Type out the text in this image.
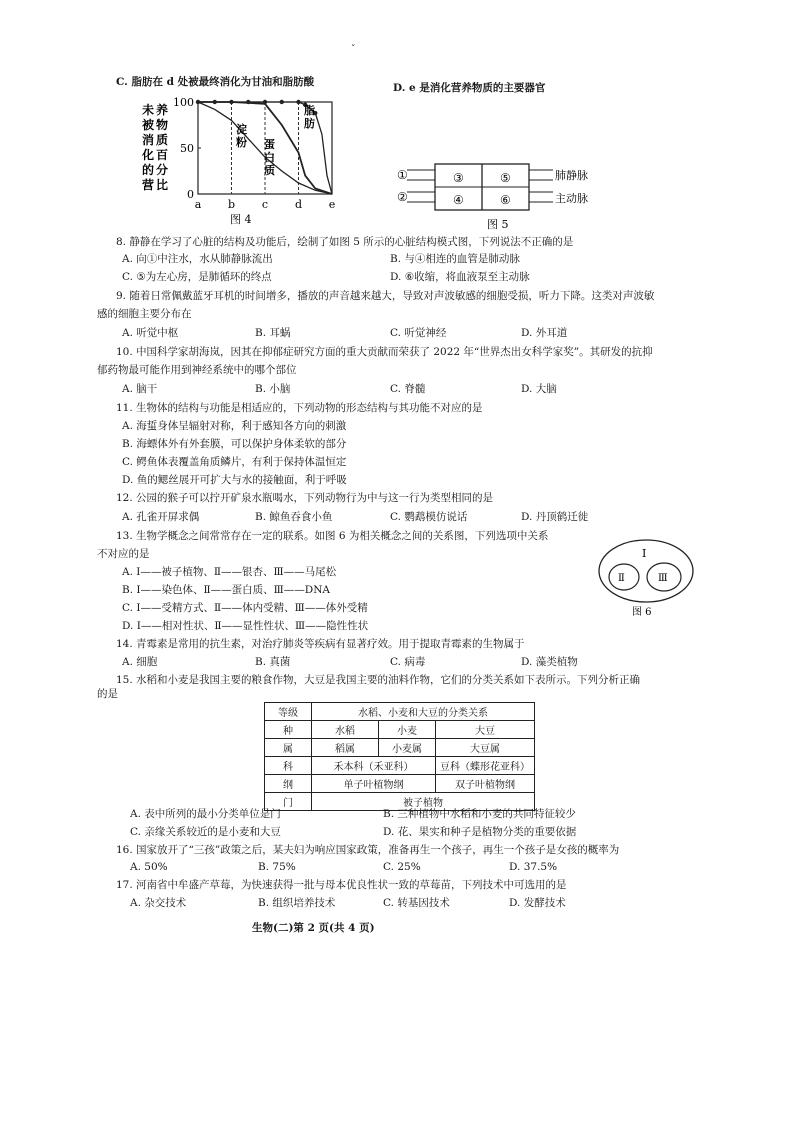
ˇ
C. 脂肪在 d 处被最终消化为甘油和脂肪酸	D. e 是消化营养物质的主要器官
未 养
被 物
消 质
化 百
的 分
营 比
100
50
0
a b c d e
淀
粉 蛋
白
质
脂
肪
图 4
①
②
③
④
⑤
⑥
肺静脉
主动脉
图 5
8. 静静在学习了心脏的结构及功能后，绘制了如图 5 所示的心脏结构模式图，下列说法不正确的是
A. 向①中注水，水从肺静脉流出	B. 与④相连的血管是肺动脉
C. ⑤为左心房，是肺循环的终点	D. ⑥收缩，将血液泵至主动脉
9. 随着日常佩戴蓝牙耳机的时间增多，播放的声音越来越大，导致对声波敏感的细胞受损，听力下降。这类对声波敏
感的细胞主要分布在
A. 听觉中枢	B. 耳蜗	C. 听觉神经	D. 外耳道
10. 中国科学家胡海岚，因其在抑郁症研究方面的重大贡献而荣获了 2022 年“世界杰出女科学家奖”。其研发的抗抑
郁药物最可能作用到神经系统中的哪个部位
A. 脑干	B. 小脑	C. 脊髓	D. 大脑
11. 生物体的结构与功能是相适应的，下列动物的形态结构与其功能不对应的是
A. 海蜇身体呈辐射对称，利于感知各方向的刺激
B. 海螵体外有外套膜，可以保护身体柔软的部分
C. 鳄鱼体表覆盖角质鳞片，有利于保持体温恒定
D. 鱼的鳃丝展开可扩大与水的接触面，利于呼吸
12. 公园的猴子可以拧开矿泉水瓶喝水，下列动物行为中与这一行为类型相同的是
A. 孔雀开屏求偶	B. 鲸鱼吞食小鱼	C. 鹦鹉模仿说话	D. 丹顶鹤迁徙
13. 生物学概念之间常常存在一定的联系。如图 6 为相关概念之间的关系图，下列选项中关系
不对应的是
A. Ⅰ——被子植物、Ⅱ——银杏、Ⅲ——马尾松
B. Ⅰ——染色体、Ⅱ——蛋白质、Ⅲ——DNA
C. Ⅰ——受精方式、Ⅱ——体内受精、Ⅲ——体外受精
D. Ⅰ——相对性状、Ⅱ——显性性状、Ⅲ——隐性性状
Ⅰ
Ⅱ	Ⅲ
图 6
14. 青霉素是常用的抗生素，对治疗肺炎等疾病有显著疗效。用于提取青霉素的生物属于
A. 细胞	B. 真菌	C. 病毒	D. 藻类植物
15. 水稻和小麦是我国主要的粮食作物，大豆是我国主要的油料作物，它们的分类关系如下表所示。下列分析正确
的是
等级	水稻、小麦和大豆的分类关系		
种	水稻	小麦	大豆
属	稻属	小麦属	大豆属
科	禾本科（禾亚科）		豆科（蝶形花亚科）
纲	单子叶植物纲		双子叶植物纲
门	被子植物		
A. 表中所列的最小分类单位是门	B. 三种植物中水稻和小麦的共同特征较少
C. 亲缘关系较近的是小麦和大豆	D. 花、果实和种子是植物分类的重要依据
16. 国家放开了“三孩”政策之后，某夫妇为响应国家政策，准备再生一个孩子，再生一个孩子是女孩的概率为
A. 50%	B. 75%	C. 25%	D. 37.5%
17. 河南省中牟盛产草莓，为快速获得一批与母本优良性状一致的草莓苗，下列技术中可选用的是
A. 杂交技术	B. 组织培养技术	C. 转基因技术	D. 发酵技术
生物(二)第 2 页(共 4 页)
